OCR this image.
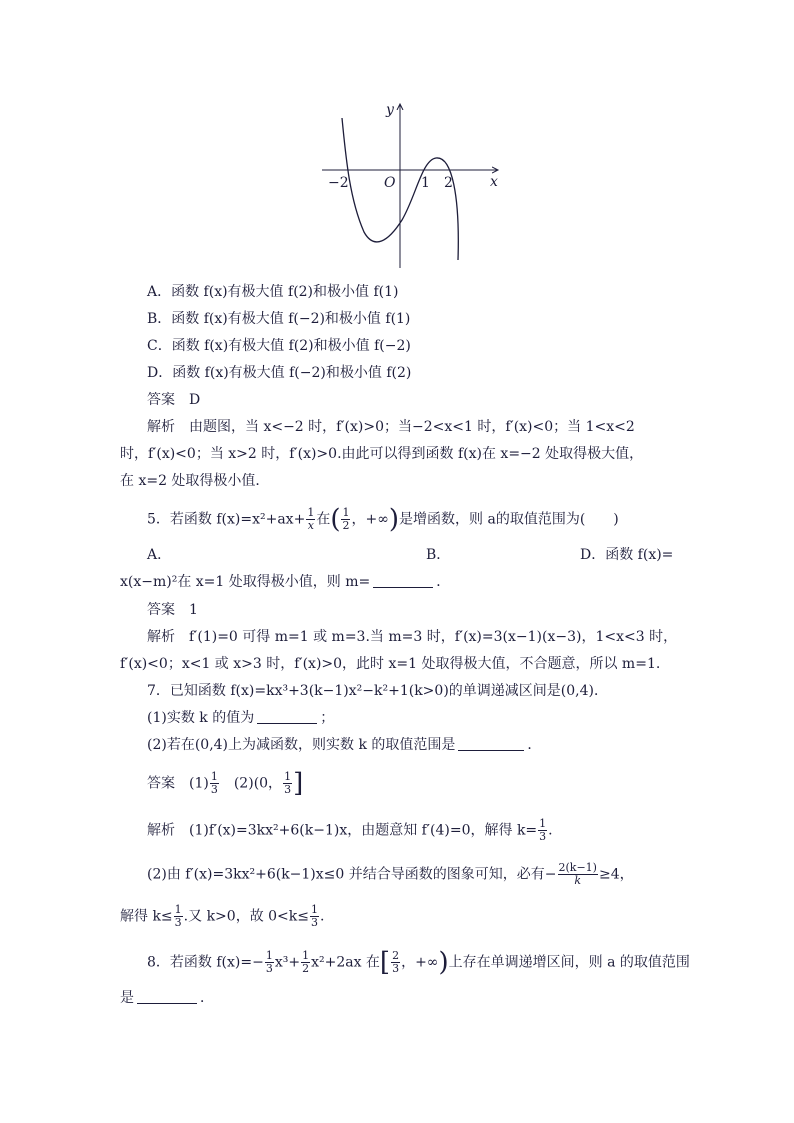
y
x
O
−2	1 2
A．函数 f(x)有极大值 f(2)和极小值 f(1)
B．函数 f(x)有极大值 f(−2)和极小值 f(1)
C．函数 f(x)有极大值 f(2)和极小值 f(−2)
D．函数 f(x)有极大值 f(−2)和极小值 f(2)
答案　D
解析　由题图，当 x<−2 时，f′(x)>0；当−2<x<1 时，f′(x)<0；当 1<x<2
时，f′(x)<0；当 x>2 时，f′(x)>0.由此可以得到函数 f(x)在 x=−2 处取得极大值，
在 x=2 处取得极小值．
5．若函数 $f(x)=x^2+ax+ \frac{1}{x}$ 在( $\frac{1}{2}$ ，+∞)是增函数，则 a的取值范围为(　　)
A．	B．	D．函数 f(x)=
x(x−m)²在 x=1 处取得极小值，则 m=	．
答案　1
解析　f′(1)=0 可得 m=1 或 m=3.当 m=3 时，f′(x)=3(x−1)(x−3)，1<x<3 时，
f′(x)<0；x<1 或 x>3 时，f′(x)>0，此时 x=1 处取得极大值，不合题意，所以 m=1.
7．已知函数 f(x)=kx³+3(k−1)x²−k²+1(k>0)的单调递减区间是(0,4)．
(1)实数 k 的值为	；
(2)若在(0,4)上为减函数，则实数 k 的取值范围是	．
答案　$(1) \frac{1}{3}$ 　(2)(0， $\frac{1}{3}$ ]
解析　(1)f′(x)=3kx²+6(k−1)x，由题意知 f′(4)=0，解得 $k= \frac{1}{3}$ .
(2)由 f′(x)=3kx²+6(k−1)x≤0 并结合导函数的图象可知，必有− $\frac{2(k-1)}{k} \ge 4$，
解得 $k\le \frac{1}{3}$ .又 k>0，故 $0<k\le \frac{1}{3}$ .
8．若函数 $f(x)=- \frac{1}{3} x^3+ \frac{1}{2} x^2+2ax$ 在[ $\frac{2}{3}$ ，+∞)上存在单调递增区间，则 a 的取值范围
是	．
